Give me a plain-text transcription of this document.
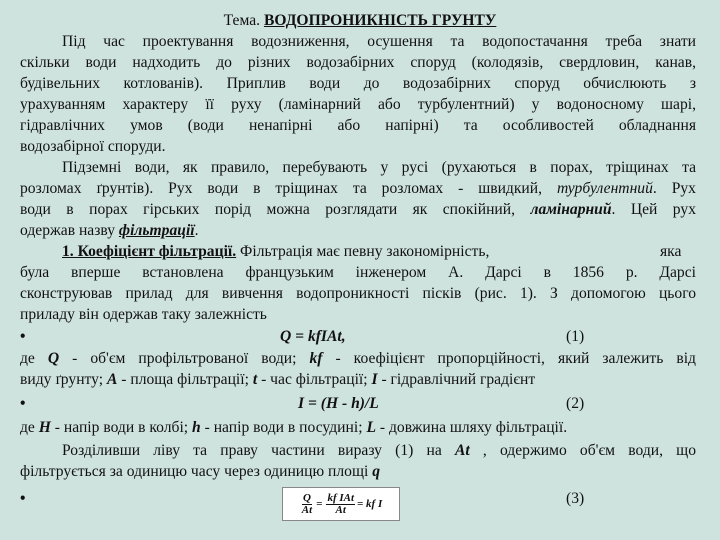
Тема. ВОДОПРОНИКНІСТЬ ГРУНТУ
Під час проектування водозниження, осушення та водопостачання треба знати
скільки води надходить до різних водозабірних споруд (колодязів, свердловин, канав,
будівельних котлованів). Приплив води до водозабірних споруд обчислюють з
урахуванням характеру її руху (ламінарний або турбулентний) у водоносному шарі,
гідравлічних умов (води ненапірні або напірні) та особливостей обладнання
водозабірної споруди.
Підземні води, як правило, перебувають у русі (рухаються в порах, тріщинах та
розломах ґрунтів). Рух води в тріщинах та розломах - швидкий, турбулентний. Рух
води в порах гірських порід можна розглядати як спокійний, ламінарний. Цей рух
одержав назву фільтрації.
1. Коефіцієнт фільтрації. Фільтрація має певну закономірність,	яка
була вперше встановлена французьким інженером А. Дарсі в 1856 р. Дарсі
сконструював прилад для вивчення водопроникності пісків (рис. 1). З допомогою цього
приладу він одержав таку залежність
•	Q = kfIAt,	(1)
де Q - об'єм профільтрованої води; kf - коефіцієнт пропорційності, який залежить від
виду ґрунту; A - площа фільтрації; t - час фільтрації; I - гідравлічний градієнт
•	I = (H - h)/L	(2)
де H - напір води в колбі; h - напір води в посудині; L - довжина шляху фільтрації.
Розділивши ліву та праву частини виразу (1) на At , одержимо об'єм води, що
фільтрується за одиницю часу через одиницю площі q
•	$\frac{Q}{At} = \frac{\text{kf IAt}}{At}$ = kf I	(3)
